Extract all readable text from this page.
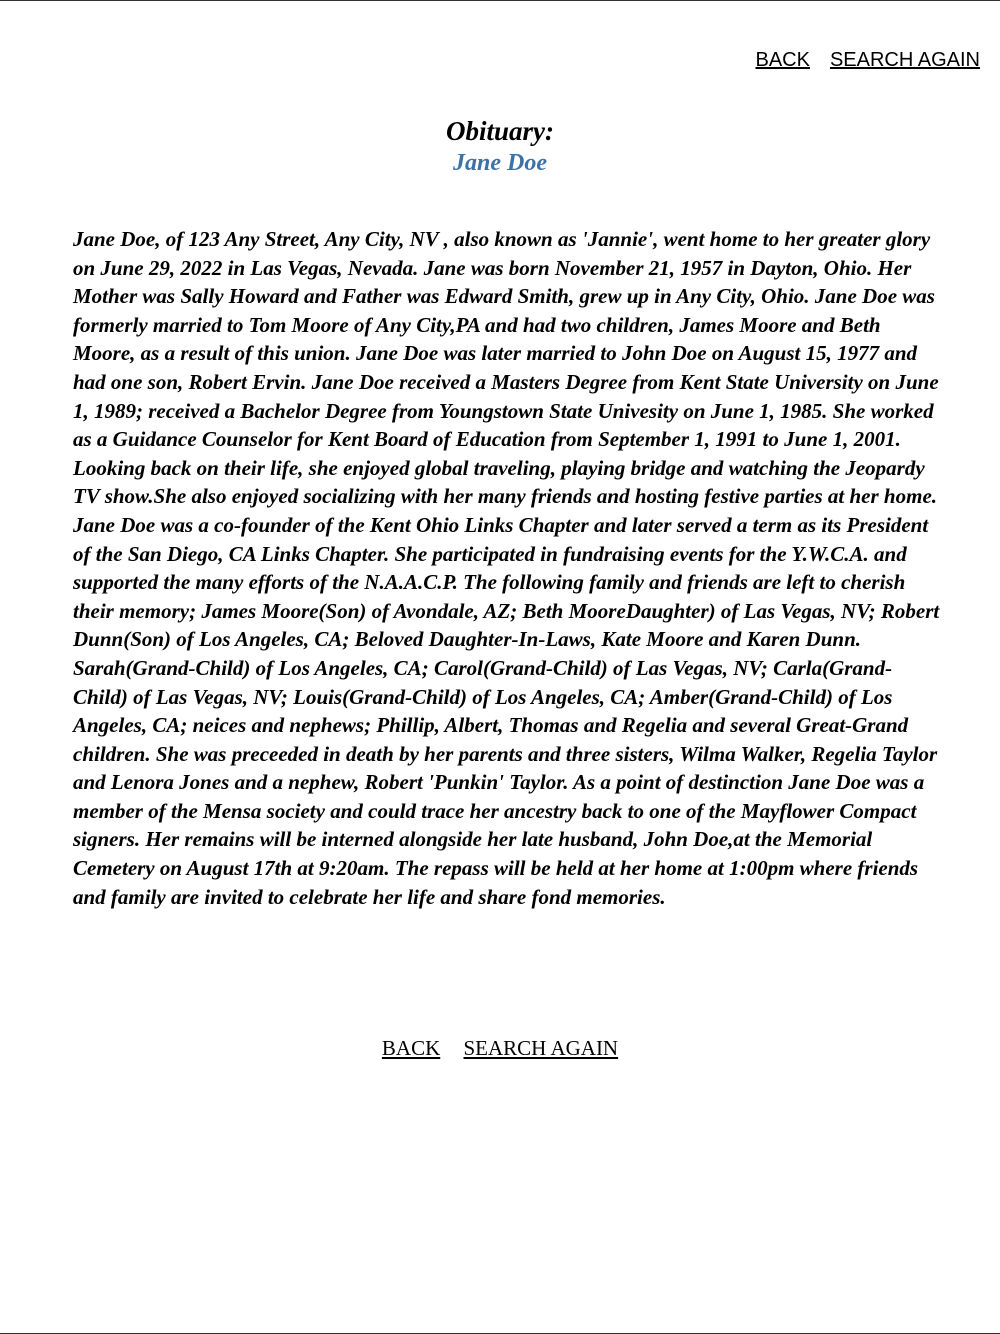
BACK SEARCH AGAIN
Obituary:
Jane Doe

Jane Doe, of 123 Any Street, Any City, NV , also known as 'Jannie', went home to her greater glory on June 29, 2022 in Las Vegas, Nevada. Jane was born November 21, 1957 in Dayton, Ohio. Her Mother was Sally Howard and Father was Edward Smith, grew up in Any City, Ohio. Jane Doe was formerly married to Tom Moore of Any City,PA and had two children, James Moore and Beth Moore, as a result of this union. Jane Doe was later married to John Doe on August 15, 1977 and had one son, Robert Ervin. Jane Doe received a Masters Degree from Kent State University on June 1, 1989; received a Bachelor Degree from Youngstown State Univesity on June 1, 1985. She worked as a Guidance Counselor for Kent Board of Education from September 1, 1991 to June 1, 2001. Looking back on their life, she enjoyed global traveling, playing bridge and watching the Jeopardy TV show.She also enjoyed socializing with her many friends and hosting festive parties at her home. Jane Doe was a co-founder of the Kent Ohio Links Chapter and later served a term as its President of the San Diego, CA Links Chapter. She participated in fundraising events for the Y.W.C.A. and supported the many efforts of the N.A.A.C.P. The following family and friends are left to cherish their memory; James Moore(Son) of Avondale, AZ; Beth MooreDaughter) of Las Vegas, NV; Robert Dunn(Son) of Los Angeles, CA; Beloved Daughter-In-Laws, Kate Moore and Karen Dunn. Sarah(Grand-Child) of Los Angeles, CA; Carol(Grand-Child) of Las Vegas, NV; Carla(Grand-Child) of Las Vegas, NV; Louis(Grand-Child) of Los Angeles, CA; Amber(Grand-Child) of Los Angeles, CA; neices and nephews; Phillip, Albert, Thomas and Regelia and several Great-Grand children. She was preceeded in death by her parents and three sisters, Wilma Walker, Regelia Taylor and Lenora Jones and a nephew, Robert 'Punkin' Taylor. As a point of destinction Jane Doe was a member of the Mensa society and could trace her ancestry back to one of the Mayflower Compact signers. Her remains will be interned alongside her late husband, John Doe,at the Memorial Cemetery on August 17th at 9:20am. The repass will be held at her home at 1:00pm where friends and family are invited to celebrate her life and share fond memories.

BACK SEARCH AGAIN
